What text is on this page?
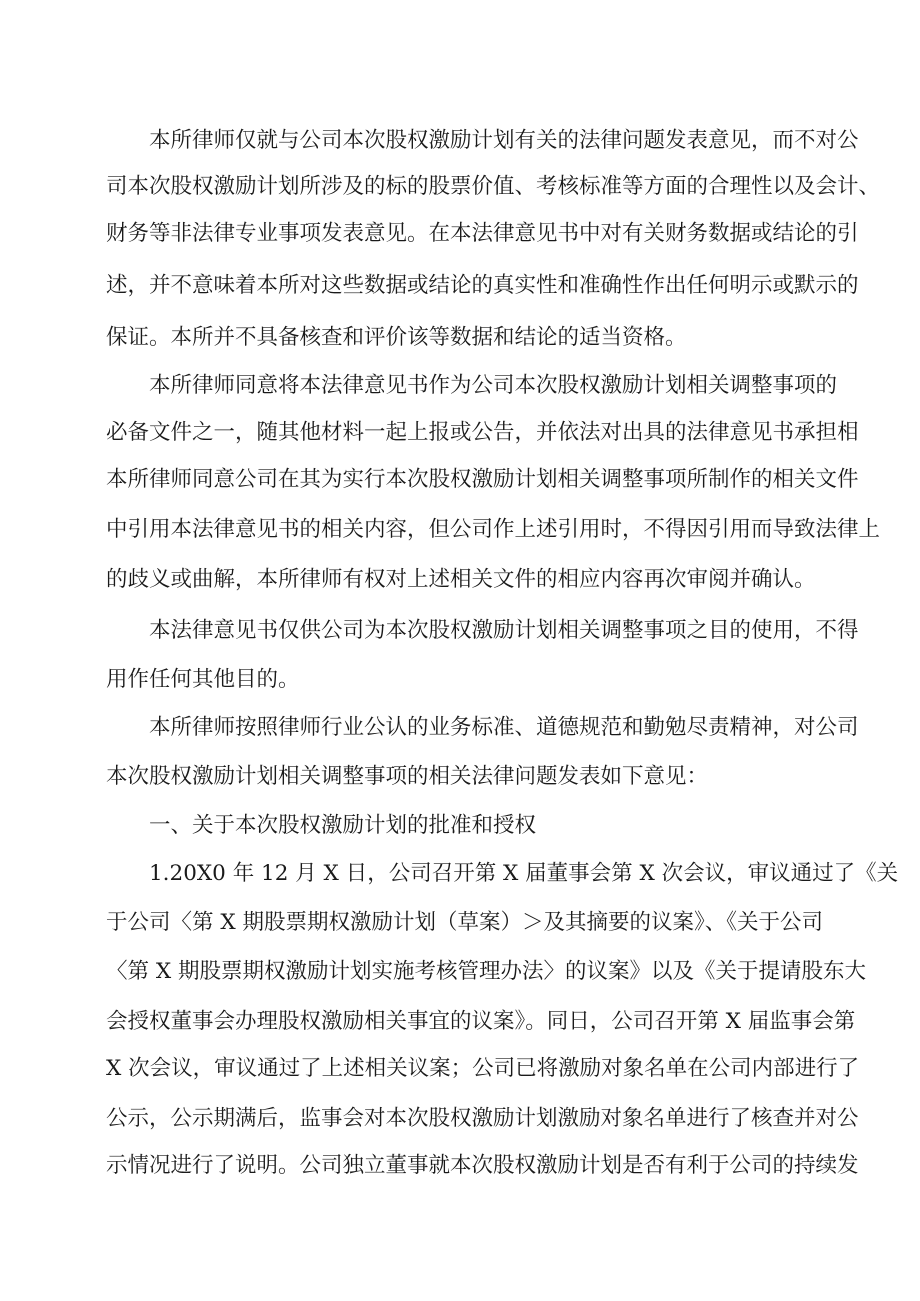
本所律师仅就与公司本次股权激励计划有关的法律问题发表意见，而不对公
司本次股权激励计划所涉及的标的股票价值、考核标准等方面的合理性以及会计、
财务等非法律专业事项发表意见。在本法律意见书中对有关财务数据或结论的引
述，并不意味着本所对这些数据或结论的真实性和准确性作出任何明示或默示的
保证。本所并不具备核查和评价该等数据和结论的适当资格。
本所律师同意将本法律意见书作为公司本次股权激励计划相关调整事项的
必备文件之一，随其他材料一起上报或公告，并依法对出具的法律意见书承担相
本所律师同意公司在其为实行本次股权激励计划相关调整事项所制作的相关文件
中引用本法律意见书的相关内容，但公司作上述引用时，不得因引用而导致法律上
的歧义或曲解，本所律师有权对上述相关文件的相应内容再次审阅并确认。
本法律意见书仅供公司为本次股权激励计划相关调整事项之目的使用，不得
用作任何其他目的。
本所律师按照律师行业公认的业务标准、道德规范和勤勉尽责精神，对公司
本次股权激励计划相关调整事项的相关法律问题发表如下意见：
一、关于本次股权激励计划的批准和授权
1.20X0 年 12 月 X 日，公司召开第 X 届董事会第 X 次会议，审议通过了《关
于公司〈第 X 期股票期权激励计划（草案）＞及其摘要的议案》、《关于公司
〈第 X 期股票期权激励计划实施考核管理办法〉的议案》以及《关于提请股东大
会授权董事会办理股权激励相关事宜的议案》。同日，公司召开第 X 届监事会第
X 次会议，审议通过了上述相关议案；公司已将激励对象名单在公司内部进行了
公示，公示期满后，监事会对本次股权激励计划激励对象名单进行了核查并对公
示情况进行了说明。公司独立董事就本次股权激励计划是否有利于公司的持续发
